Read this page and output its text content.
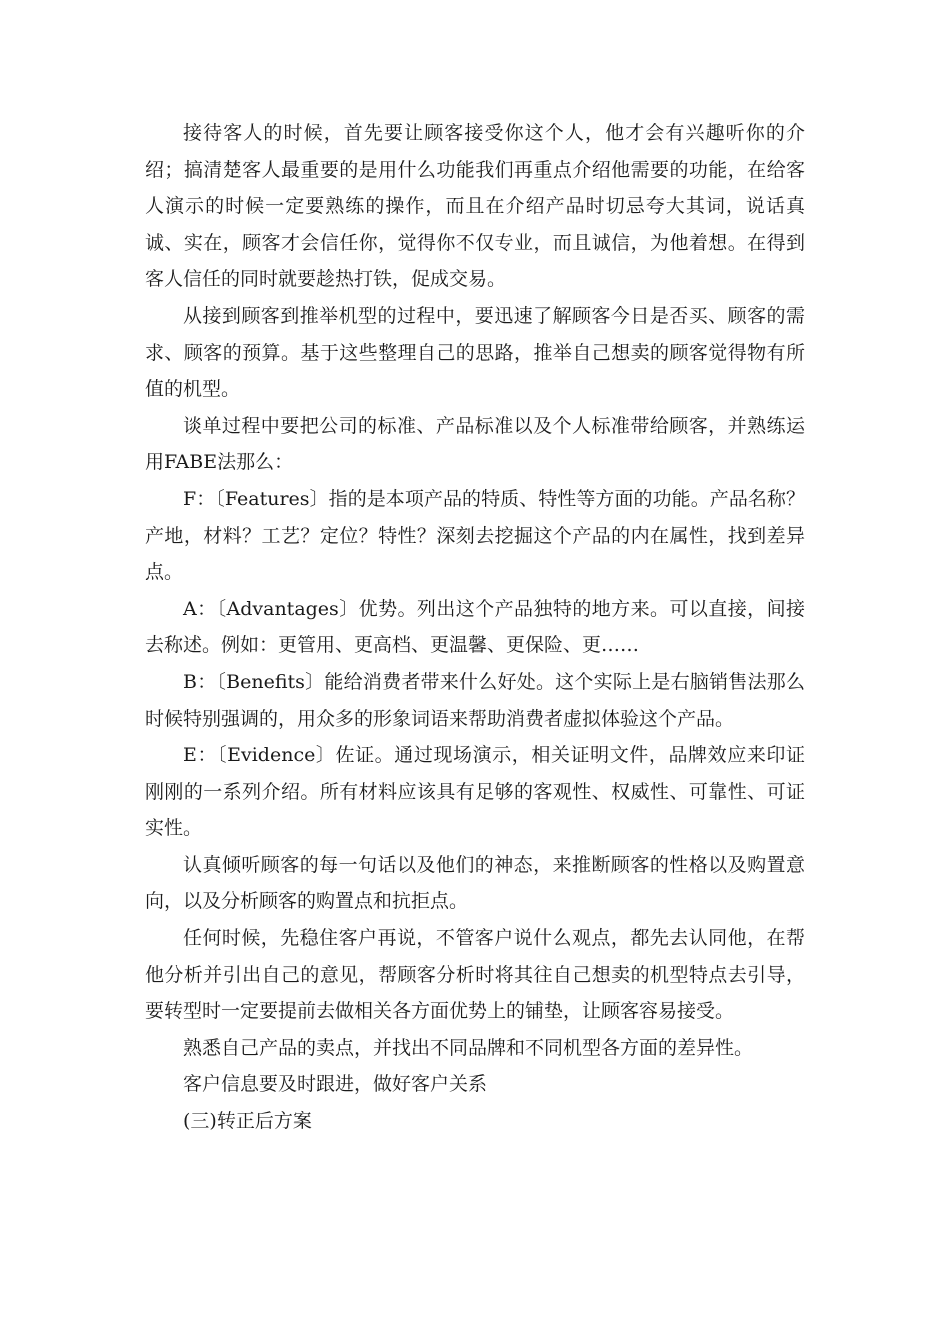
接待客人的时候，首先要让顾客接受你这个人，他才会有兴趣听你的介绍；搞清楚客人最重要的是用什么功能我们再重点介绍他需要的功能，在给客人演示的时候一定要熟练的操作，而且在介绍产品时切忌夸大其词，说话真诚、实在，顾客才会信任你，觉得你不仅专业，而且诚信，为他着想。在得到客人信任的同时就要趁热打铁，促成交易。

从接到顾客到推举机型的过程中，要迅速了解顾客今日是否买、顾客的需求、顾客的预算。基于这些整理自己的思路，推举自己想卖的顾客觉得物有所值的机型。

谈单过程中要把公司的标准、产品标准以及个人标准带给顾客，并熟练运用FABE法那么：

F：〔Features〕指的是本项产品的特质、特性等方面的功能。产品名称？产地，材料？工艺？定位？特性？深刻去挖掘这个产品的内在属性，找到差异点。

A：〔Advantages〕优势。列出这个产品独特的地方来。可以直接，间接去称述。例如：更管用、更高档、更温馨、更保险、更……

B：〔Benefits〕能给消费者带来什么好处。这个实际上是右脑销售法那么时候特别强调的，用众多的形象词语来帮助消费者虚拟体验这个产品。

E：〔Evidence〕佐证。通过现场演示，相关证明文件，品牌效应来印证刚刚的一系列介绍。所有材料应该具有足够的客观性、权威性、可靠性、可证实性。

认真倾听顾客的每一句话以及他们的神态，来推断顾客的性格以及购置意向，以及分析顾客的购置点和抗拒点。

任何时候，先稳住客户再说，不管客户说什么观点，都先去认同他，在帮他分析并引出自己的意见，帮顾客分析时将其往自己想卖的机型特点去引导，要转型时一定要提前去做相关各方面优势上的铺垫，让顾客容易接受。

熟悉自己产品的卖点，并找出不同品牌和不同机型各方面的差异性。

客户信息要及时跟进，做好客户关系

(三)转正后方案
